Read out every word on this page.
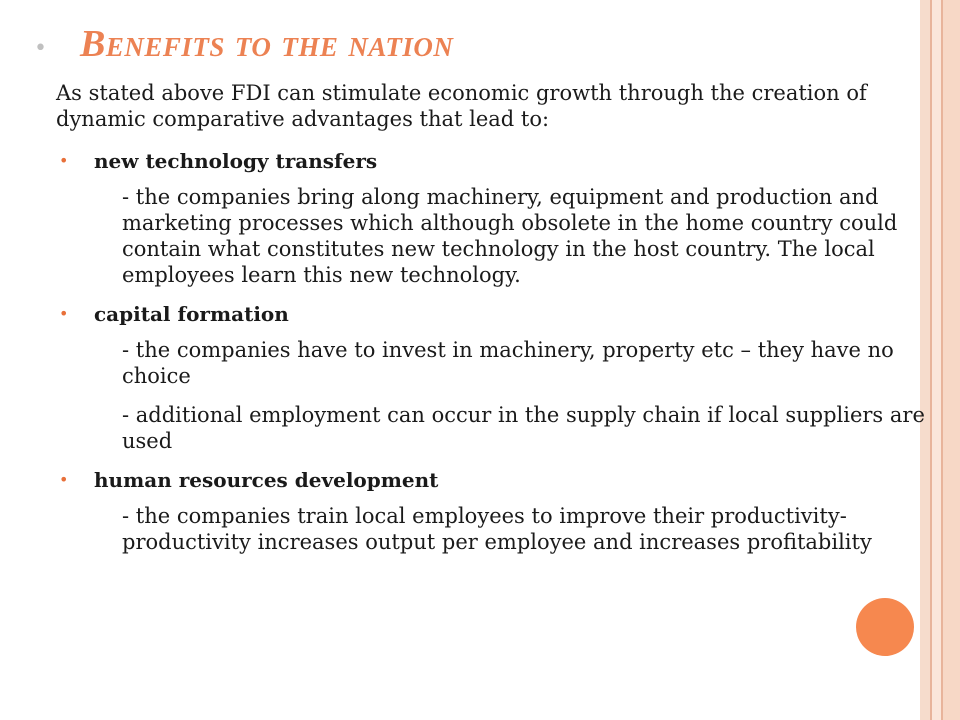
• Benefits to the nation

As stated above FDI can stimulate economic growth through the creation of dynamic comparative advantages that lead to:

• new technology transfers

- the companies bring along machinery, equipment and production and marketing processes which although obsolete in the home country could contain what constitutes new technology in the host country. The local employees learn this new technology.

• capital formation

- the companies have to invest in machinery, property etc – they have no choice

- additional employment can occur in the supply chain if local suppliers are used

• human resources development

- the companies train local employees to improve their productivity-productivity increases output per employee and increases profitability
